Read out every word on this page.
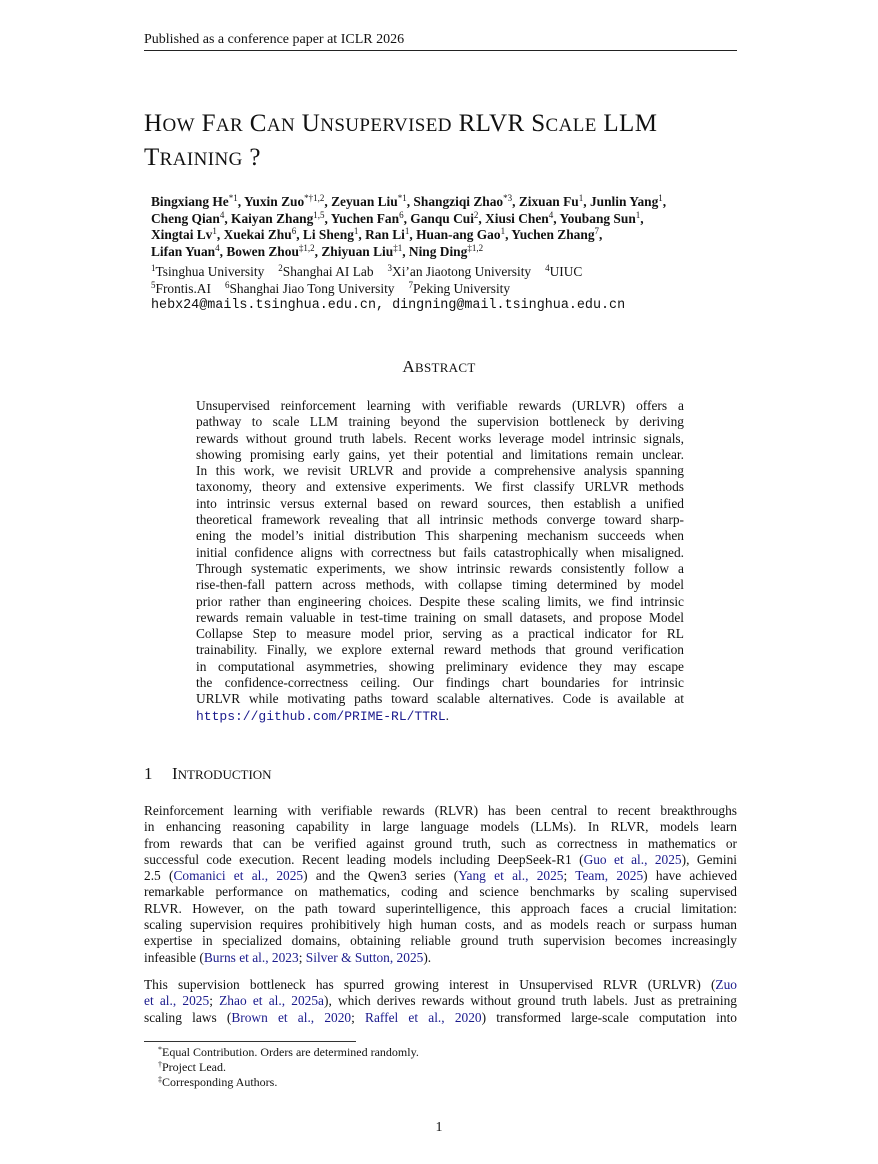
Published as a conference paper at ICLR 2026
HOW FAR CAN UNSUPERVISED RLVR SCALE LLM
TRAINING ?
Bingxiang He$^{*1}$, Yuxin Zuo$^{*\dagger 1,2}$, Zeyuan Liu$^{*1}$, Shangziqi Zhao$^{*3}$, Zixuan Fu$^1$, Junlin Yang$^1$,
Cheng Qian$^4$, Kaiyan Zhang$^{1,5}$, Yuchen Fan$^6$, Ganqu Cui$^2$, Xiusi Chen$^4$, Youbang Sun$^1$,
Xingtai Lv$^1$, Xuekai Zhu$^6$, Li Sheng$^1$, Ran Li$^1$, Huan-ang Gao$^1$, Yuchen Zhang$^7$,
Lifan Yuan$^4$, Bowen Zhou$^{\ddagger 1,2}$, Zhiyuan Liu$^{\ddagger 1}$, Ning Ding$^{\ddagger 1,2}$
$^1$Tsinghua University $^2$Shanghai AI Lab $^3$Xi’an Jiaotong University $^4$UIUC
$^5$Frontis.AI $^6$Shanghai Jiao Tong University $^7$Peking University
hebx24@mails.tsinghua.edu.cn, dingning@mail.tsinghua.edu.cn
ABSTRACT
Unsupervised reinforcement learning with verifiable rewards (URLVR) offers a
pathway to scale LLM training beyond the supervision bottleneck by deriving
rewards without ground truth labels. Recent works leverage model intrinsic signals,
showing promising early gains, yet their potential and limitations remain unclear.
In this work, we revisit URLVR and provide a comprehensive analysis spanning
taxonomy, theory and extensive experiments. We first classify URLVR methods
into intrinsic versus external based on reward sources, then establish a unified
theoretical framework revealing that all intrinsic methods converge toward sharp-
ening the model’s initial distribution This sharpening mechanism succeeds when
initial confidence aligns with correctness but fails catastrophically when misaligned.
Through systematic experiments, we show intrinsic rewards consistently follow a
rise-then-fall pattern across methods, with collapse timing determined by model
prior rather than engineering choices. Despite these scaling limits, we find intrinsic
rewards remain valuable in test-time training on small datasets, and propose Model
Collapse Step to measure model prior, serving as a practical indicator for RL
trainability. Finally, we explore external reward methods that ground verification
in computational asymmetries, showing preliminary evidence they may escape
the confidence-correctness ceiling. Our findings chart boundaries for intrinsic
URLVR while motivating paths toward scalable alternatives. Code is available at
https://github.com/PRIME-RL/TTRL.
1 INTRODUCTION
Reinforcement learning with verifiable rewards (RLVR) has been central to recent breakthroughs
in enhancing reasoning capability in large language models (LLMs). In RLVR, models learn
from rewards that can be verified against ground truth, such as correctness in mathematics or
successful code execution. Recent leading models including DeepSeek-R1 (Guo et al., 2025), Gemini
2.5 (Comanici et al., 2025) and the Qwen3 series (Yang et al., 2025; Team, 2025) have achieved
remarkable performance on mathematics, coding and science benchmarks by scaling supervised
RLVR. However, on the path toward superintelligence, this approach faces a crucial limitation:
scaling supervision requires prohibitively high human costs, and as models reach or surpass human
expertise in specialized domains, obtaining reliable ground truth supervision becomes increasingly
infeasible (Burns et al., 2023; Silver & Sutton, 2025).
This supervision bottleneck has spurred growing interest in Unsupervised RLVR (URLVR) (Zuo
et al., 2025; Zhao et al., 2025a), which derives rewards without ground truth labels. Just as pretraining
scaling laws (Brown et al., 2020; Raffel et al., 2020) transformed large-scale computation into
*Equal Contribution. Orders are determined randomly.
†Project Lead.
‡Corresponding Authors.
1
